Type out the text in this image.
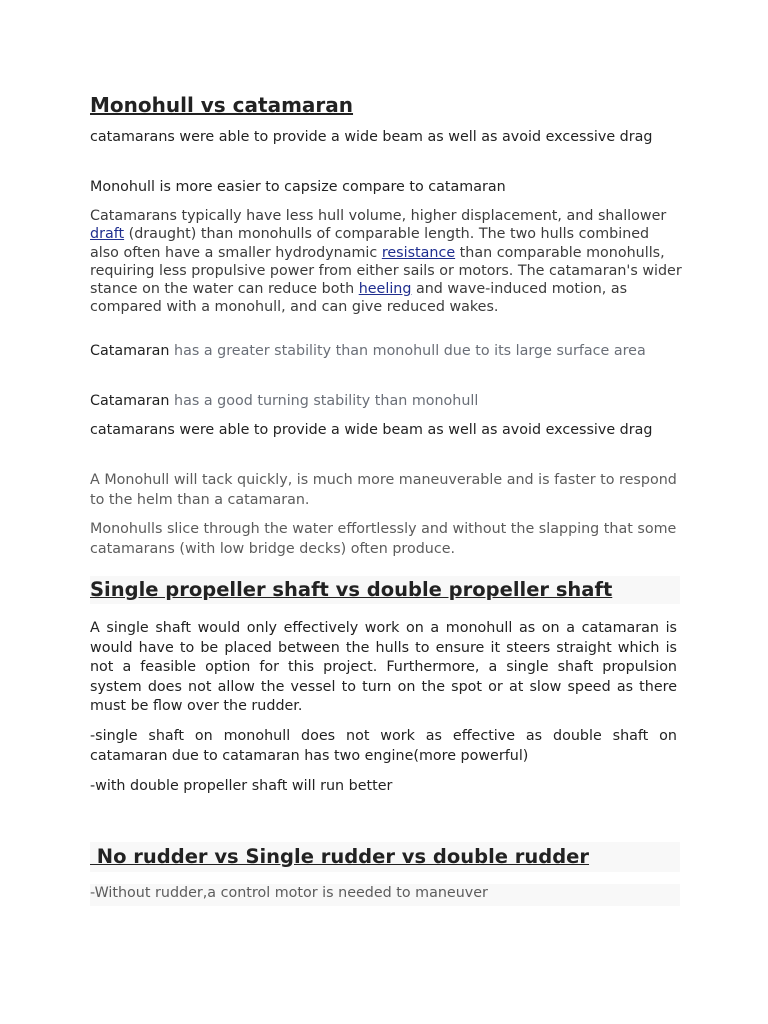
Monohull vs catamaran

catamarans were able to provide a wide beam as well as avoid excessive drag

Monohull is more easier to capsize compare to catamaran

Catamarans typically have less hull volume, higher displacement, and shallower draft (draught) than monohulls of comparable length. The two hulls combined also often have a smaller hydrodynamic resistance than comparable monohulls, requiring less propulsive power from either sails or motors. The catamaran's wider stance on the water can reduce both heeling and wave-induced motion, as compared with a monohull, and can give reduced wakes.

Catamaran has a greater stability than monohull due to its large surface area

Catamaran has a good turning stability than monohull

catamarans were able to provide a wide beam as well as avoid excessive drag

A Monohull will tack quickly, is much more maneuverable and is faster to respond to the helm than a catamaran.

Monohulls slice through the water effortlessly and without the slapping that some catamarans (with low bridge decks) often produce.

Single propeller shaft vs double propeller shaft

A single shaft would only effectively work on a monohull as on a catamaran is would have to be placed between the hulls to ensure it steers straight which is not a feasible option for this project. Furthermore, a single shaft propulsion system does not allow the vessel to turn on the spot or at slow speed as there must be flow over the rudder.

-single shaft on monohull does not work as effective as double shaft on catamaran due to catamaran has two engine(more powerful)

-with double propeller shaft will run better

No rudder vs Single rudder vs double rudder

-Without rudder,a control motor is needed to maneuver
